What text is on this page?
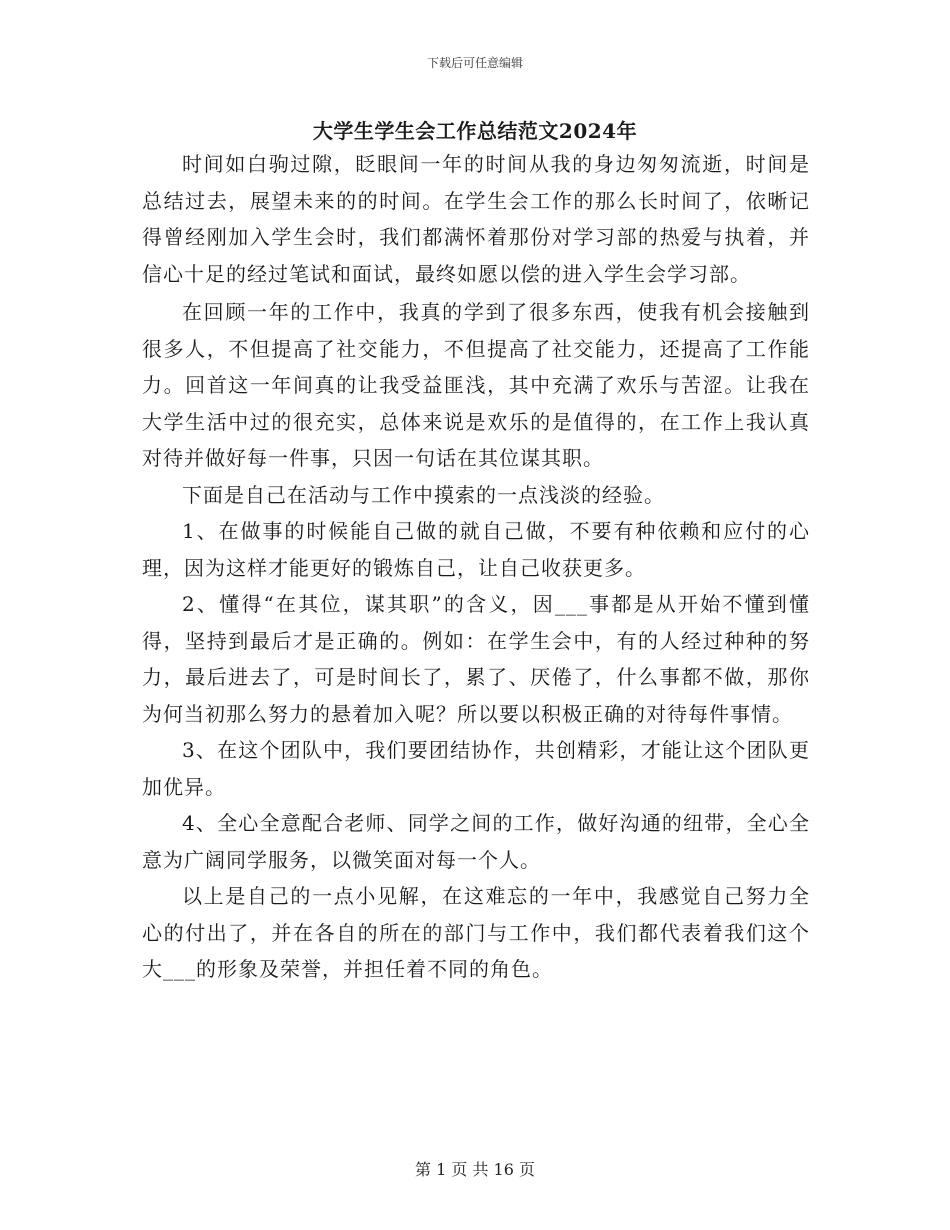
下载后可任意编辑
大学生学生会工作总结范文2024年

时间如白驹过隙，眨眼间一年的时间从我的身边匆匆流逝，时间是总结过去，展望未来的的时间。在学生会工作的那么长时间了，依晰记得曾经刚加入学生会时，我们都满怀着那份对学习部的热爱与执着，并信心十足的经过笔试和面试，最终如愿以偿的进入学生会学习部。

在回顾一年的工作中，我真的学到了很多东西，使我有机会接触到很多人，不但提高了社交能力，不但提高了社交能力，还提高了工作能力。回首这一年间真的让我受益匪浅，其中充满了欢乐与苦涩。让我在大学生活中过的很充实，总体来说是欢乐的是值得的，在工作上我认真对待并做好每一件事，只因一句话在其位谋其职。

下面是自己在活动与工作中摸索的一点浅淡的经验。

1、在做事的时候能自己做的就自己做，不要有种依赖和应付的心理，因为这样才能更好的锻炼自己，让自己收获更多。

2、懂得“在其位，谋其职”的含义，因___事都是从开始不懂到懂得，坚持到最后才是正确的。例如：在学生会中，有的人经过种种的努力，最后进去了，可是时间长了，累了、厌倦了，什么事都不做，那你为何当初那么努力的悬着加入呢？所以要以积极正确的对待每件事情。

3、在这个团队中，我们要团结协作，共创精彩，才能让这个团队更加优异。

4、全心全意配合老师、同学之间的工作，做好沟通的纽带，全心全意为广阔同学服务，以微笑面对每一个人。

以上是自己的一点小见解，在这难忘的一年中，我感觉自己努力全心的付出了，并在各自的所在的部门与工作中，我们都代表着我们这个大___的形象及荣誉，并担任着不同的角色。

第 1 页 共 16 页
